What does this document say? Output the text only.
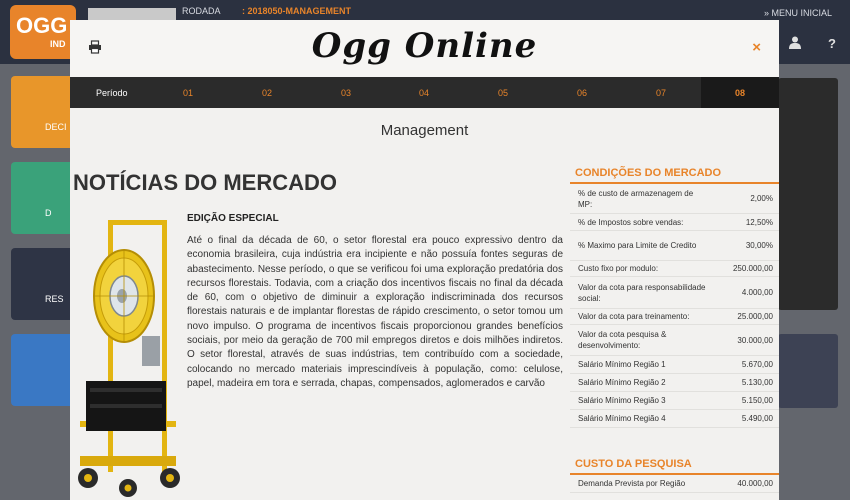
OGG
IND
RODADA : 2018050-MANAGEMENT	» MENU INICIAL
?
DECI
D
RES
Ogg Online	×
Período	01	02	03	04	05	06	07	08
Management
NOTÍCIAS DO MERCADO
EDIÇÃO ESPECIAL
Até o final da década de 60, o setor florestal era pouco expressivo dentro da economia brasileira, cuja indústria era incipiente e não possuía fontes seguras de abastecimento. Nesse período, o que se verificou foi uma exploração predatória dos recursos florestais. Todavia, com a criação dos incentivos fiscais no final da década de 60, com o objetivo de diminuir a exploração indiscriminada dos recursos florestais naturais e de implantar florestas de rápido crescimento, o setor tomou um novo impulso. O programa de incentivos fiscais proporcionou grandes benefícios sociais, por meio da geração de 700 mil empregos diretos e dois milhões indiretos. O setor florestal, através de suas indústrias, tem contribuído com a sociedade, colocando no mercado materiais imprescindíveis à população, como: celulose, papel, madeira em tora e serrada, chapas, compensados, aglomerados e carvão
CONDIÇÕES DO MERCADO
% de custo de armazenagem de MP:
2,00%
% de Impostos sobre vendas:	12,50%
% Maximo para Limite de Credito	30,00%
Custo fixo por modulo:	250.000,00
Valor da cota para responsabilidade social:
4.000,00
Valor da cota para treinamento:	25.000,00
Valor da cota pesquisa & desenvolvimento:
30.000,00
Salário Mínimo Região 1	5.670,00
Salário Mínimo Região 2	5.130,00
Salário Mínimo Região 3	5.150,00
Salário Mínimo Região 4	5.490,00
CUSTO DA PESQUISA
Demanda Prevista por Região	40.000,00
